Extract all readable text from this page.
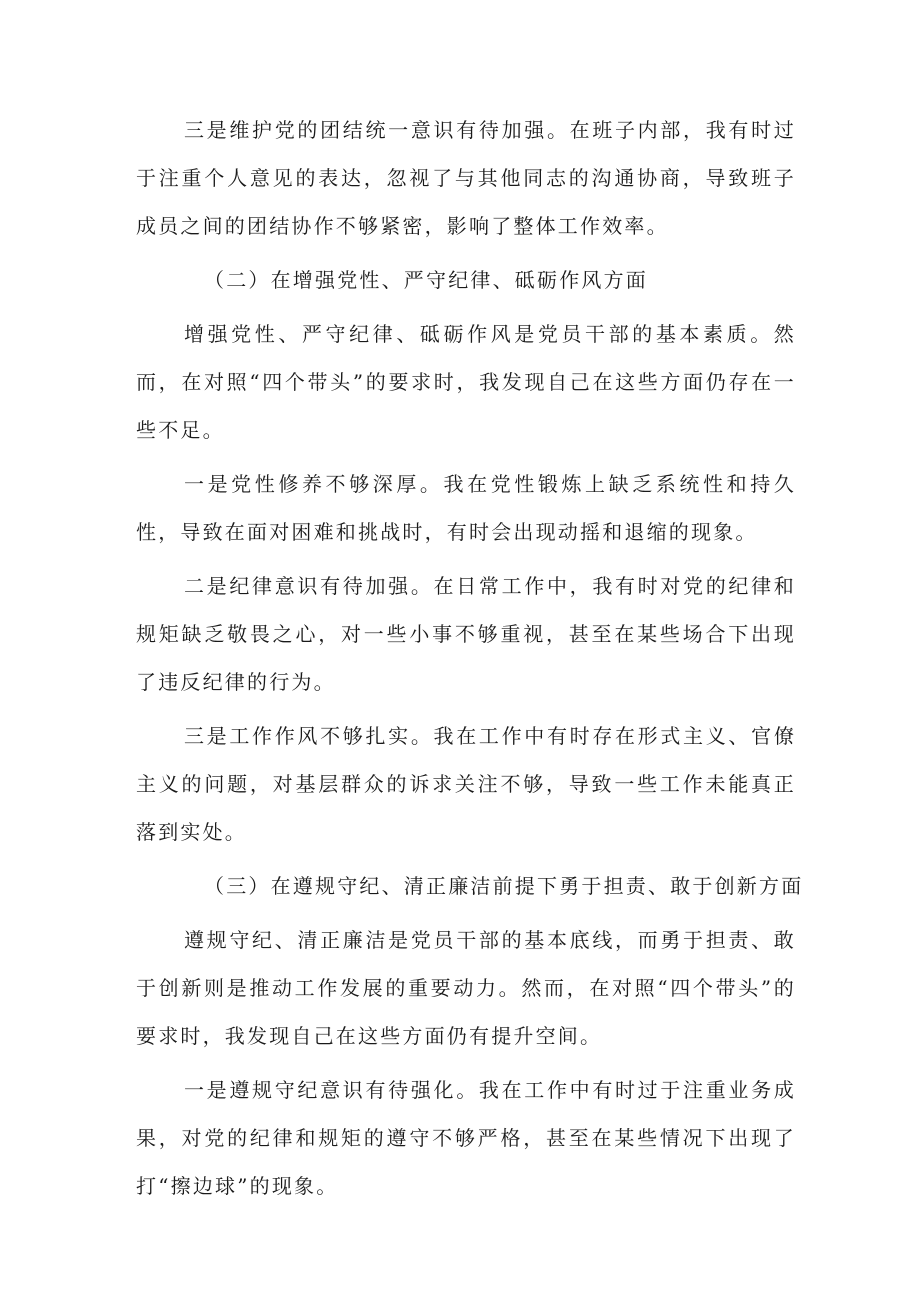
三是维护党的团结统一意识有待加强。在班子内部，我有时过于注重个人意见的表达，忽视了与其他同志的沟通协商，导致班子成员之间的团结协作不够紧密，影响了整体工作效率。

（二）在增强党性、严守纪律、砥砺作风方面

增强党性、严守纪律、砥砺作风是党员干部的基本素质。然而，在对照“四个带头”的要求时，我发现自己在这些方面仍存在一些不足。

一是党性修养不够深厚。我在党性锻炼上缺乏系统性和持久性，导致在面对困难和挑战时，有时会出现动摇和退缩的现象。

二是纪律意识有待加强。在日常工作中，我有时对党的纪律和规矩缺乏敬畏之心，对一些小事不够重视，甚至在某些场合下出现了违反纪律的行为。

三是工作作风不够扎实。我在工作中有时存在形式主义、官僚主义的问题，对基层群众的诉求关注不够，导致一些工作未能真正落到实处。

（三）在遵规守纪、清正廉洁前提下勇于担责、敢于创新方面

遵规守纪、清正廉洁是党员干部的基本底线，而勇于担责、敢于创新则是推动工作发展的重要动力。然而，在对照“四个带头”的要求时，我发现自己在这些方面仍有提升空间。

一是遵规守纪意识有待强化。我在工作中有时过于注重业务成果，对党的纪律和规矩的遵守不够严格，甚至在某些情况下出现了打“擦边球”的现象。
